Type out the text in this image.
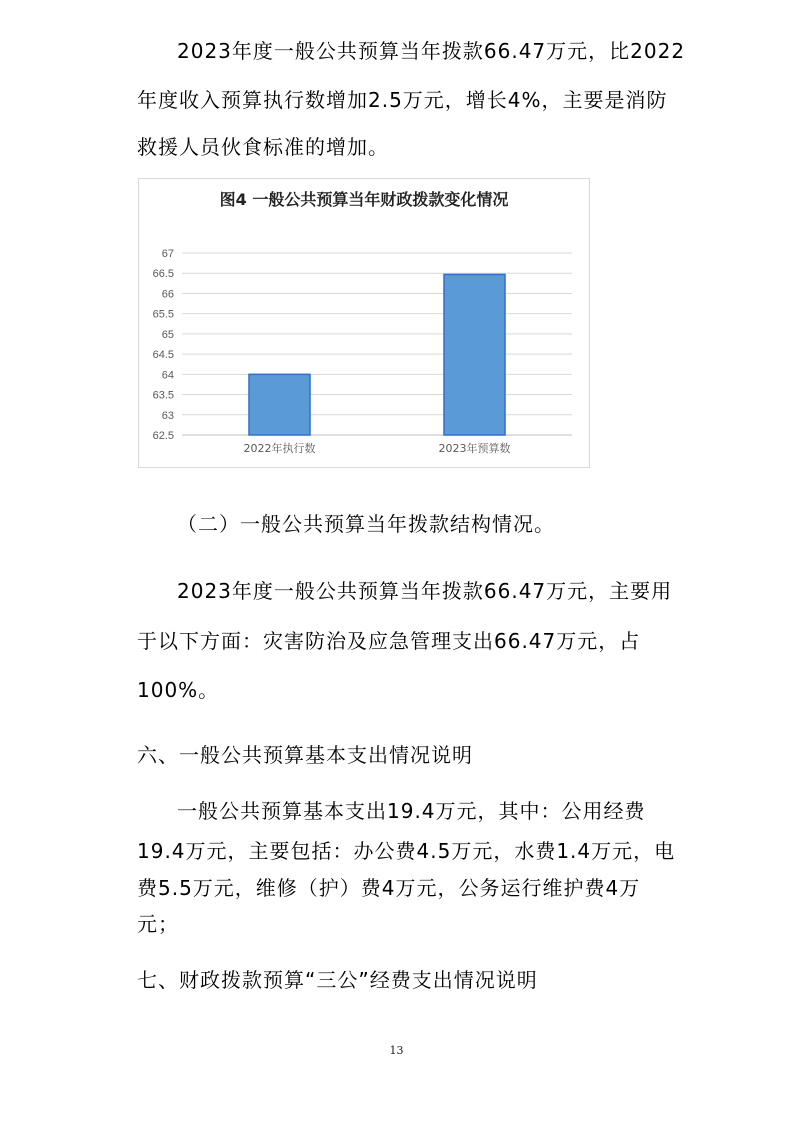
2023年度一般公共预算当年拨款66.47万元，比2022

年度收入预算执行数增加2.5万元，增长4%，主要是消防

救援人员伙食标准的增加。

图4 一般公共预算当年财政拨款变化情况
62.5
63
63.5
64
64.5
65
65.5
66
66.5
67
2022年执行数	2023年预算数

（二）一般公共预算当年拨款结构情况。

2023年度一般公共预算当年拨款66.47万元，主要用

于以下方面：灾害防治及应急管理支出66.47万元，占

100%。

六、一般公共预算基本支出情况说明

一般公共预算基本支出19.4万元，其中：公用经费

19.4万元，主要包括：办公费4.5万元，水费1.4万元，电

费5.5万元，维修（护）费4万元，公务运行维护费4万

元；

七、财政拨款预算“三公”经费支出情况说明

13
